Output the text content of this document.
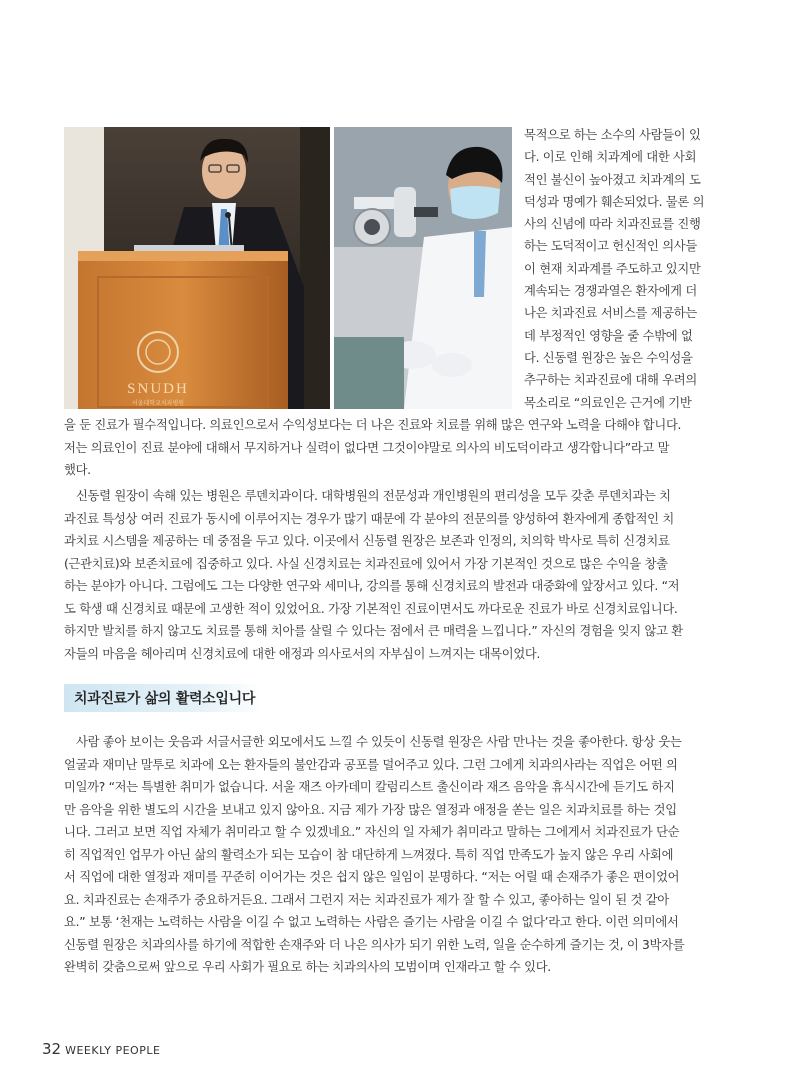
SNUDH
서울대학교치과병원
목적으로 하는 소수의 사람들이 있
다. 이로 인해 치과계에 대한 사회
적인 불신이 높아졌고 치과계의 도
덕성과 명예가 훼손되었다. 물론 의
사의 신념에 따라 치과진료를 진행
하는 도덕적이고 헌신적인 의사들
이 현재 치과계를 주도하고 있지만
계속되는 경쟁과열은 환자에게 더
나은 치과진료 서비스를 제공하는
데 부정적인 영향을 줄 수밖에 없
다. 신동렬 원장은 높은 수익성을
추구하는 치과진료에 대해 우려의
목소리로 “의료인은 근거에 기반
을 둔 진료가 필수적입니다. 의료인으로서 수익성보다는 더 나은 진료와 치료를 위해 많은 연구와 노력을 다해야 합니다.
저는 의료인이 진료 분야에 대해서 무지하거나 실력이 없다면 그것이야말로 의사의 비도덕이라고 생각합니다”라고 말
했다.
　신동렬 원장이 속해 있는 병원은 루덴치과이다. 대학병원의 전문성과 개인병원의 편리성을 모두 갖춘 루덴치과는 치
과진료 특성상 여러 진료가 동시에 이루어지는 경우가 많기 때문에 각 분야의 전문의를 양성하여 환자에게 종합적인 치
과치료 시스템을 제공하는 데 중점을 두고 있다. 이곳에서 신동렬 원장은 보존과 인정의, 치의학 박사로 특히 신경치료
(근관치료)와 보존치료에 집중하고 있다. 사실 신경치료는 치과진료에 있어서 가장 기본적인 것으로 많은 수익을 창출
하는 분야가 아니다. 그럼에도 그는 다양한 연구와 세미나, 강의를 통해 신경치료의 발전과 대중화에 앞장서고 있다. “저
도 학생 때 신경치료 때문에 고생한 적이 있었어요. 가장 기본적인 진료이면서도 까다로운 진료가 바로 신경치료입니다.
하지만 발치를 하지 않고도 치료를 통해 치아를 살릴 수 있다는 점에서 큰 매력을 느낍니다.” 자신의 경험을 잊지 않고 환
자들의 마음을 헤아리며 신경치료에 대한 애정과 의사로서의 자부심이 느껴지는 대목이었다.
치과진료가 삶의 활력소입니다
　사람 좋아 보이는 웃음과 서글서글한 외모에서도 느낄 수 있듯이 신동렬 원장은 사람 만나는 것을 좋아한다. 항상 웃는
얼굴과 재미난 말투로 치과에 오는 환자들의 불안감과 공포를 덜어주고 있다. 그런 그에게 치과의사라는 직업은 어떤 의
미일까? “저는 특별한 취미가 없습니다. 서울 재즈 아카데미 칼럼리스트 출신이라 재즈 음악을 휴식시간에 듣기도 하지
만 음악을 위한 별도의 시간을 보내고 있지 않아요. 지금 제가 가장 많은 열정과 애정을 쏟는 일은 치과치료를 하는 것입
니다. 그러고 보면 직업 자체가 취미라고 할 수 있겠네요.” 자신의 일 자체가 취미라고 말하는 그에게서 치과진료가 단순
히 직업적인 업무가 아닌 삶의 활력소가 되는 모습이 참 대단하게 느껴졌다. 특히 직업 만족도가 높지 않은 우리 사회에
서 직업에 대한 열정과 재미를 꾸준히 이어가는 것은 쉽지 않은 일임이 분명하다. “저는 어릴 때 손재주가 좋은 편이었어
요. 치과진료는 손재주가 중요하거든요. 그래서 그런지 저는 치과진료가 제가 잘 할 수 있고, 좋아하는 일이 된 것 같아
요.” 보통 ‘천재는 노력하는 사람을 이길 수 없고 노력하는 사람은 즐기는 사람을 이길 수 없다’라고 한다. 이런 의미에서
신동렬 원장은 치과의사를 하기에 적합한 손재주와 더 나은 의사가 되기 위한 노력, 일을 순수하게 즐기는 것, 이 3박자를
완벽히 갖춤으로써 앞으로 우리 사회가 필요로 하는 치과의사의 모범이며 인재라고 할 수 있다.
32 WEEKLY PEOPLE
